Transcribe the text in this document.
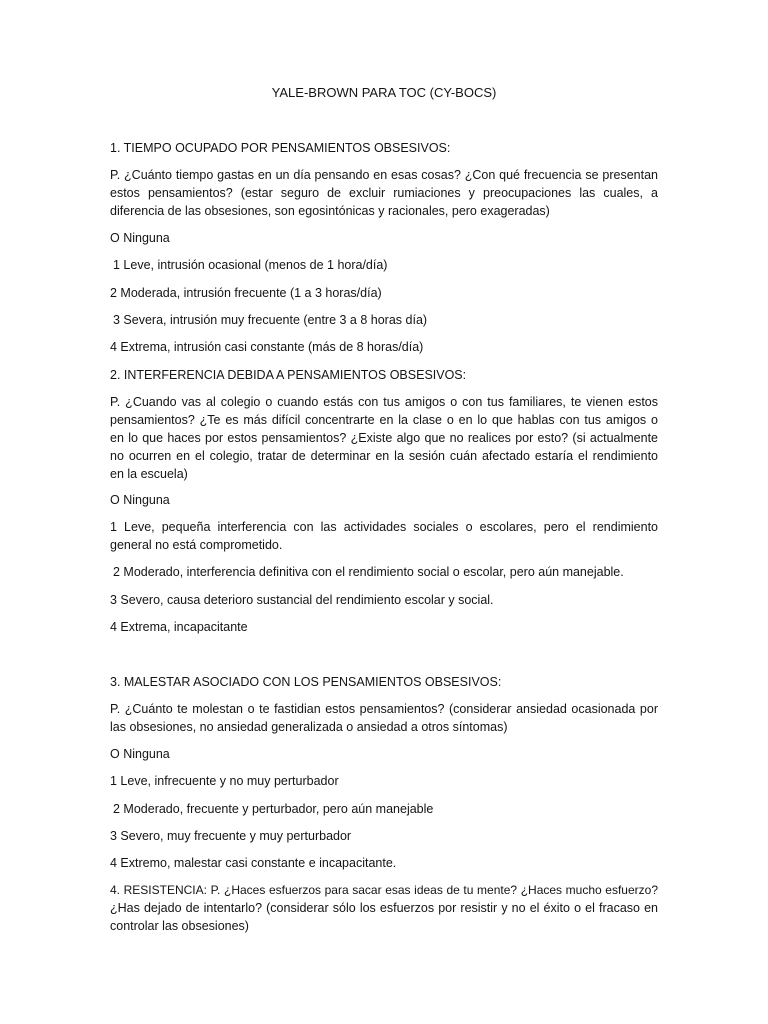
YALE-BROWN PARA TOC (CY-BOCS)
1. TIEMPO OCUPADO POR PENSAMIENTOS OBSESIVOS:
P. ¿Cuánto tiempo gastas en un día pensando en esas cosas? ¿Con qué frecuencia se presentan
estos pensamientos? (estar seguro de excluir rumiaciones y preocupaciones las cuales, a
diferencia de las obsesiones, son egosintónicas y racionales, pero exageradas)
O Ninguna
1 Leve, intrusión ocasional (menos de 1 hora/día)
2 Moderada, intrusión frecuente (1 a 3 horas/día)
3 Severa, intrusión muy frecuente (entre 3 a 8 horas día)
4 Extrema, intrusión casi constante (más de 8 horas/día)
2. INTERFERENCIA DEBIDA A PENSAMIENTOS OBSESIVOS:
P. ¿Cuando vas al colegio o cuando estás con tus amigos o con tus familiares, te vienen estos
pensamientos? ¿Te es más difícil concentrarte en la clase o en lo que hablas con tus amigos o
en lo que haces por estos pensamientos? ¿Existe algo que no realices por esto? (si actualmente
no ocurren en el colegio, tratar de determinar en la sesión cuán afectado estaría el rendimiento
en la escuela)
O Ninguna
1 Leve, pequeña interferencia con las actividades sociales o escolares, pero el rendimiento
general no está comprometido.
2 Moderado, interferencia definitiva con el rendimiento social o escolar, pero aún manejable.
3 Severo, causa deterioro sustancial del rendimiento escolar y social.
4 Extrema, incapacitante
3. MALESTAR ASOCIADO CON LOS PENSAMIENTOS OBSESIVOS:
P. ¿Cuánto te molestan o te fastidian estos pensamientos? (considerar ansiedad ocasionada por
las obsesiones, no ansiedad generalizada o ansiedad a otros síntomas)
O Ninguna
1 Leve, infrecuente y no muy perturbador
2 Moderado, frecuente y perturbador, pero aún manejable
3 Severo, muy frecuente y muy perturbador
4 Extremo, malestar casi constante e incapacitante.
4. RESISTENCIA: P. ¿Haces esfuerzos para sacar esas ideas de tu mente? ¿Haces mucho esfuerzo?
¿Has dejado de intentarlo? (considerar sólo los esfuerzos por resistir y no el éxito o el fracaso en
controlar las obsesiones)
